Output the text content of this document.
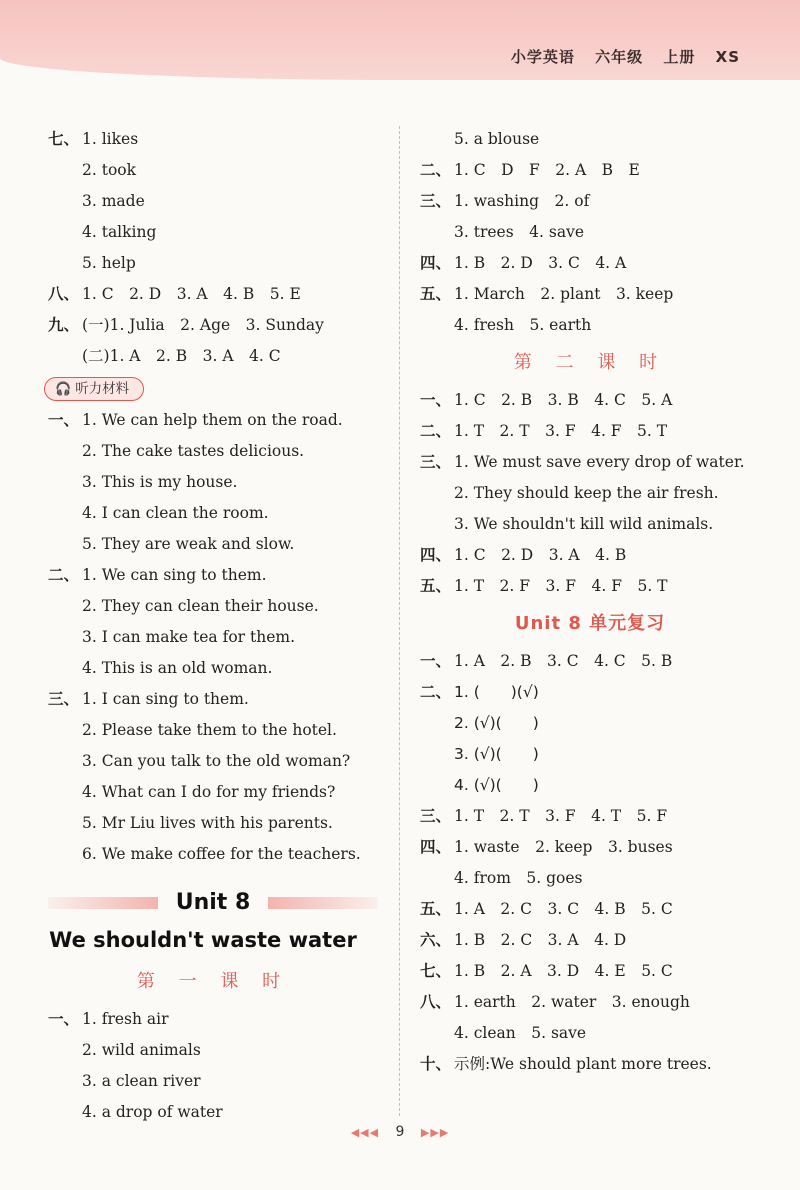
小学英语 六年级 上册 XS
七、 1. likes
2. took
3. made
4. talking
5. help
八、 1. C　2. D　3. A　4. B　5. E
九、 (一)1. Julia　2. Age　3. Sunday
(二)1. A　2. B　3. A　4. C
🎧 听力材料
一、 1. We can help them on the road.
2. The cake tastes delicious.
3. This is my house.
4. I can clean the room.
5. They are weak and slow.
二、 1. We can sing to them.
2. They can clean their house.
3. I can make tea for them.
4. This is an old woman.
三、 1. I can sing to them.
2. Please take them to the hotel.
3. Can you talk to the old woman?
4. What can I do for my friends?
5. Mr Liu lives with his parents.
6. We make coffee for the teachers.
Unit 8
We shouldn't waste water
第 一 课 时
一、 1. fresh air
2. wild animals
3. a clean river
4. a drop of water
5. a blouse
二、 1. C　D　F　2. A　B　E
三、 1. washing　2. of
3. trees　4. save
四、 1. B　2. D　3. C　4. A
五、 1. March　2. plant　3. keep
4. fresh　5. earth
第 二 课 时
一、 1. C　2. B　3. B　4. C　5. A
二、 1. T　2. T　3. F　4. F　5. T
三、 1. We must save every drop of water.
2. They should keep the air fresh.
3. We shouldn't kill wild animals.
四、 1. C　2. D　3. A　4. B
五、 1. T　2. F　3. F　4. F　5. T
Unit 8 单元复习
一、 1. A　2. B　3. C　4. C　5. B
二、 1. (　　)(√)
2. (√)(　　)
3. (√)(　　)
4. (√)(　　)
三、 1. T　2. T　3. F　4. T　5. F
四、 1. waste　2. keep　3. buses
4. from　5. goes
五、 1. A　2. C　3. C　4. B　5. C
六、 1. B　2. C　3. A　4. D
七、 1. B　2. A　3. D　4. E　5. C
八、 1. earth　2. water　3. enough
4. clean　5. save
十、 示例:We should plant more trees.
◀◀◀ 9 ▶▶▶
